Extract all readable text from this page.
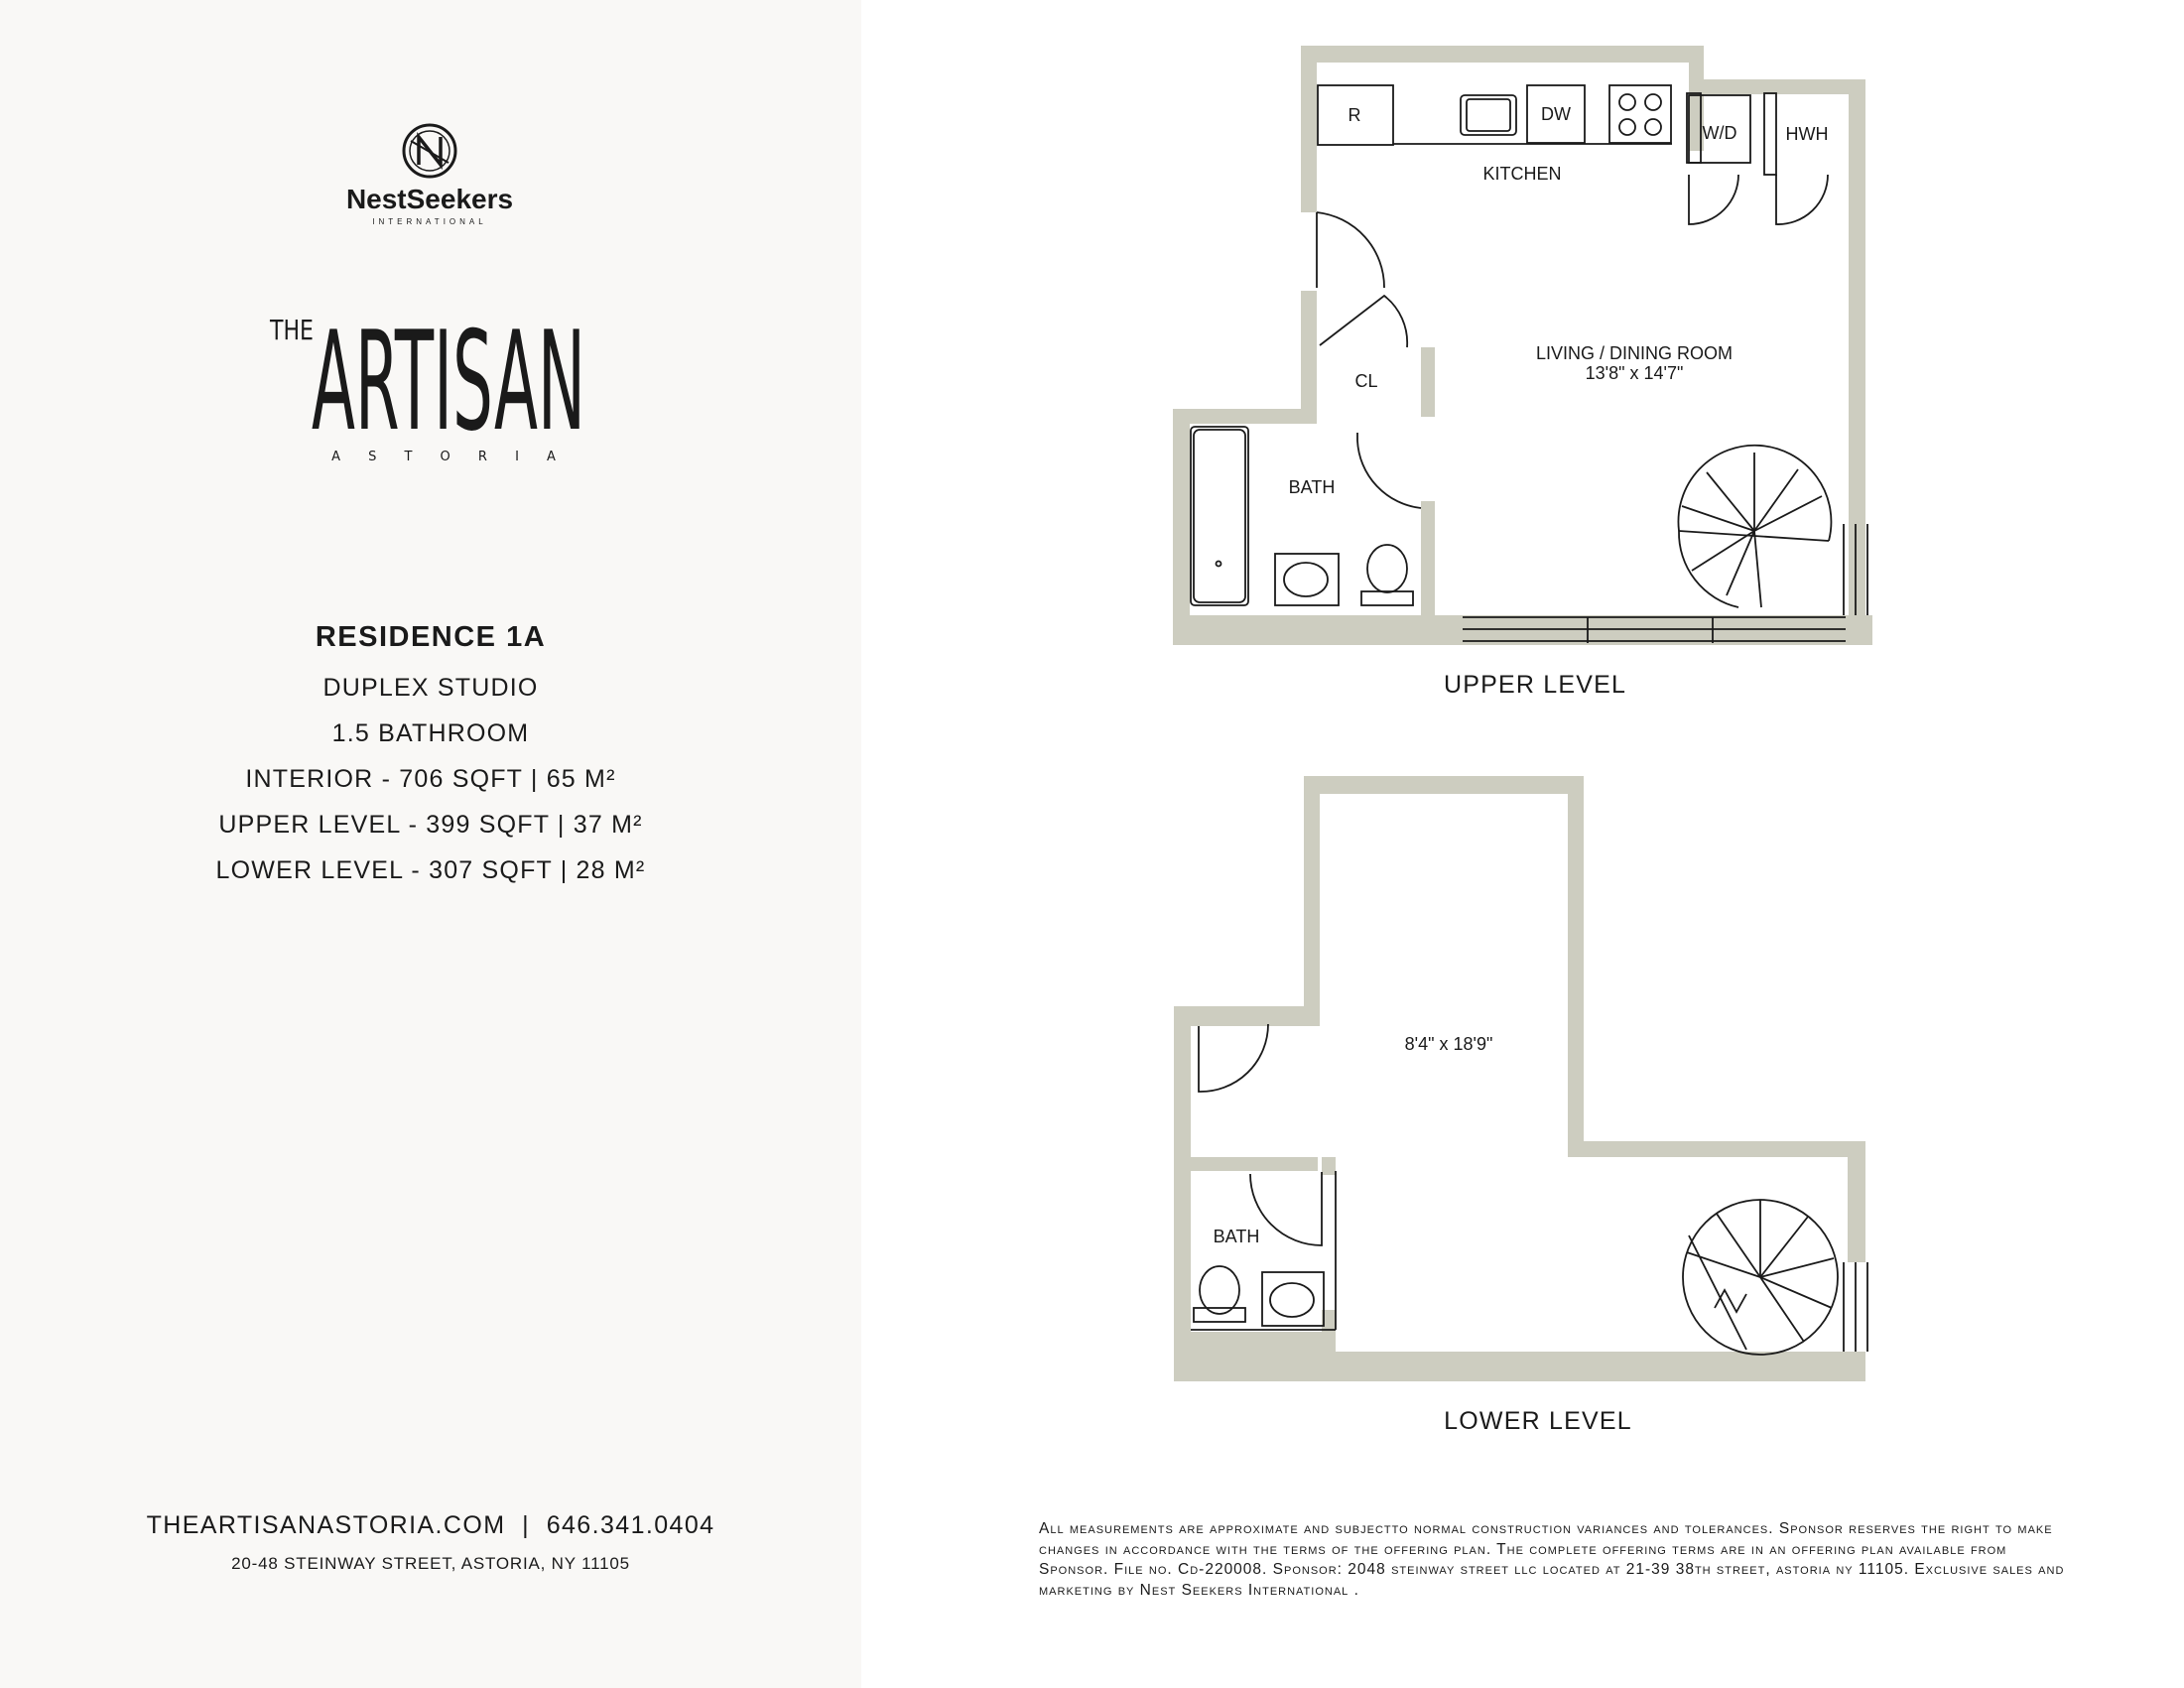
NestSeekers
INTERNATIONAL
THE
ARTISAN
A S T O R I A
RESIDENCE 1A
DUPLEX STUDIO
1.5 BATHROOM
INTERIOR - 706 SQFT | 65 M²
UPPER LEVEL - 399 SQFT | 37 M²
LOWER LEVEL - 307 SQFT | 28 M²
THEARTISANASTORIA.COM  |  646.341.0404
20-48 STEINWAY STREET, ASTORIA, NY 11105
R	DW
W/D	HWH
KITCHEN
LIVING / DINING ROOM
13'8" x 14'7"
CL
BATH
8'4" x 18'9"
BATH
UPPER LEVEL
LOWER LEVEL
All measurements are approximate and subjectto normal construction variances and tolerances. Sponsor reserves the right to make changes in accordance with the terms of the offering plan. The complete offering terms are in an offering plan available from Sponsor. File no. Cd-220008. Sponsor: 2048 steinway street llc located at 21-39 38th street, astoria ny 11105. Exclusive sales and marketing by Nest Seekers International .
